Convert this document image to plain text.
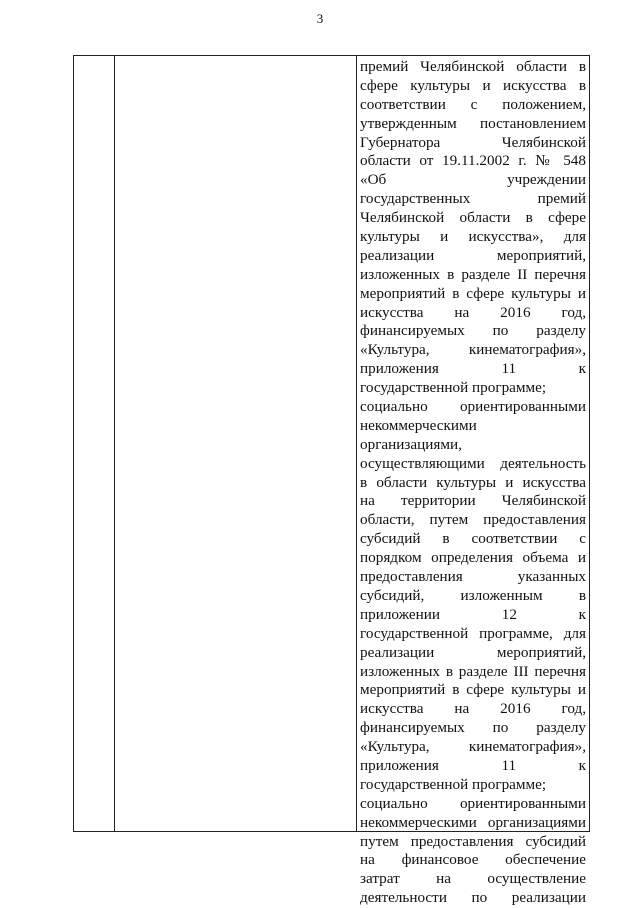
3
премий Челябинской области в
сфере культуры и искусства в
соответствии с положением,
утвержденным постановлением
Губернатора Челябинской
области от 19.11.2002 г. № 548
«Об учреждении
государственных премий
Челябинской области в сфере
культуры и искусства», для
реализации мероприятий,
изложенных в разделе II перечня
мероприятий в сфере культуры и
искусства на 2016 год,
финансируемых по разделу
«Культура, кинематография»,
приложения 11 к
государственной программе;
социально ориентированными
некоммерческими
организациями,
осуществляющими деятельность
в области культуры и искусства
на территории Челябинской
области, путем предоставления
субсидий в соответствии с
порядком определения объема и
предоставления указанных
субсидий, изложенным в
приложении 12 к
государственной программе, для
реализации мероприятий,
изложенных в разделе III перечня
мероприятий в сфере культуры и
искусства на 2016 год,
финансируемых по разделу
«Культура, кинематография»,
приложения 11 к
государственной программе;
социально ориентированными
некоммерческими организациями
путем предоставления субсидий
на финансовое обеспечение
затрат на осуществление
деятельности по реализации
